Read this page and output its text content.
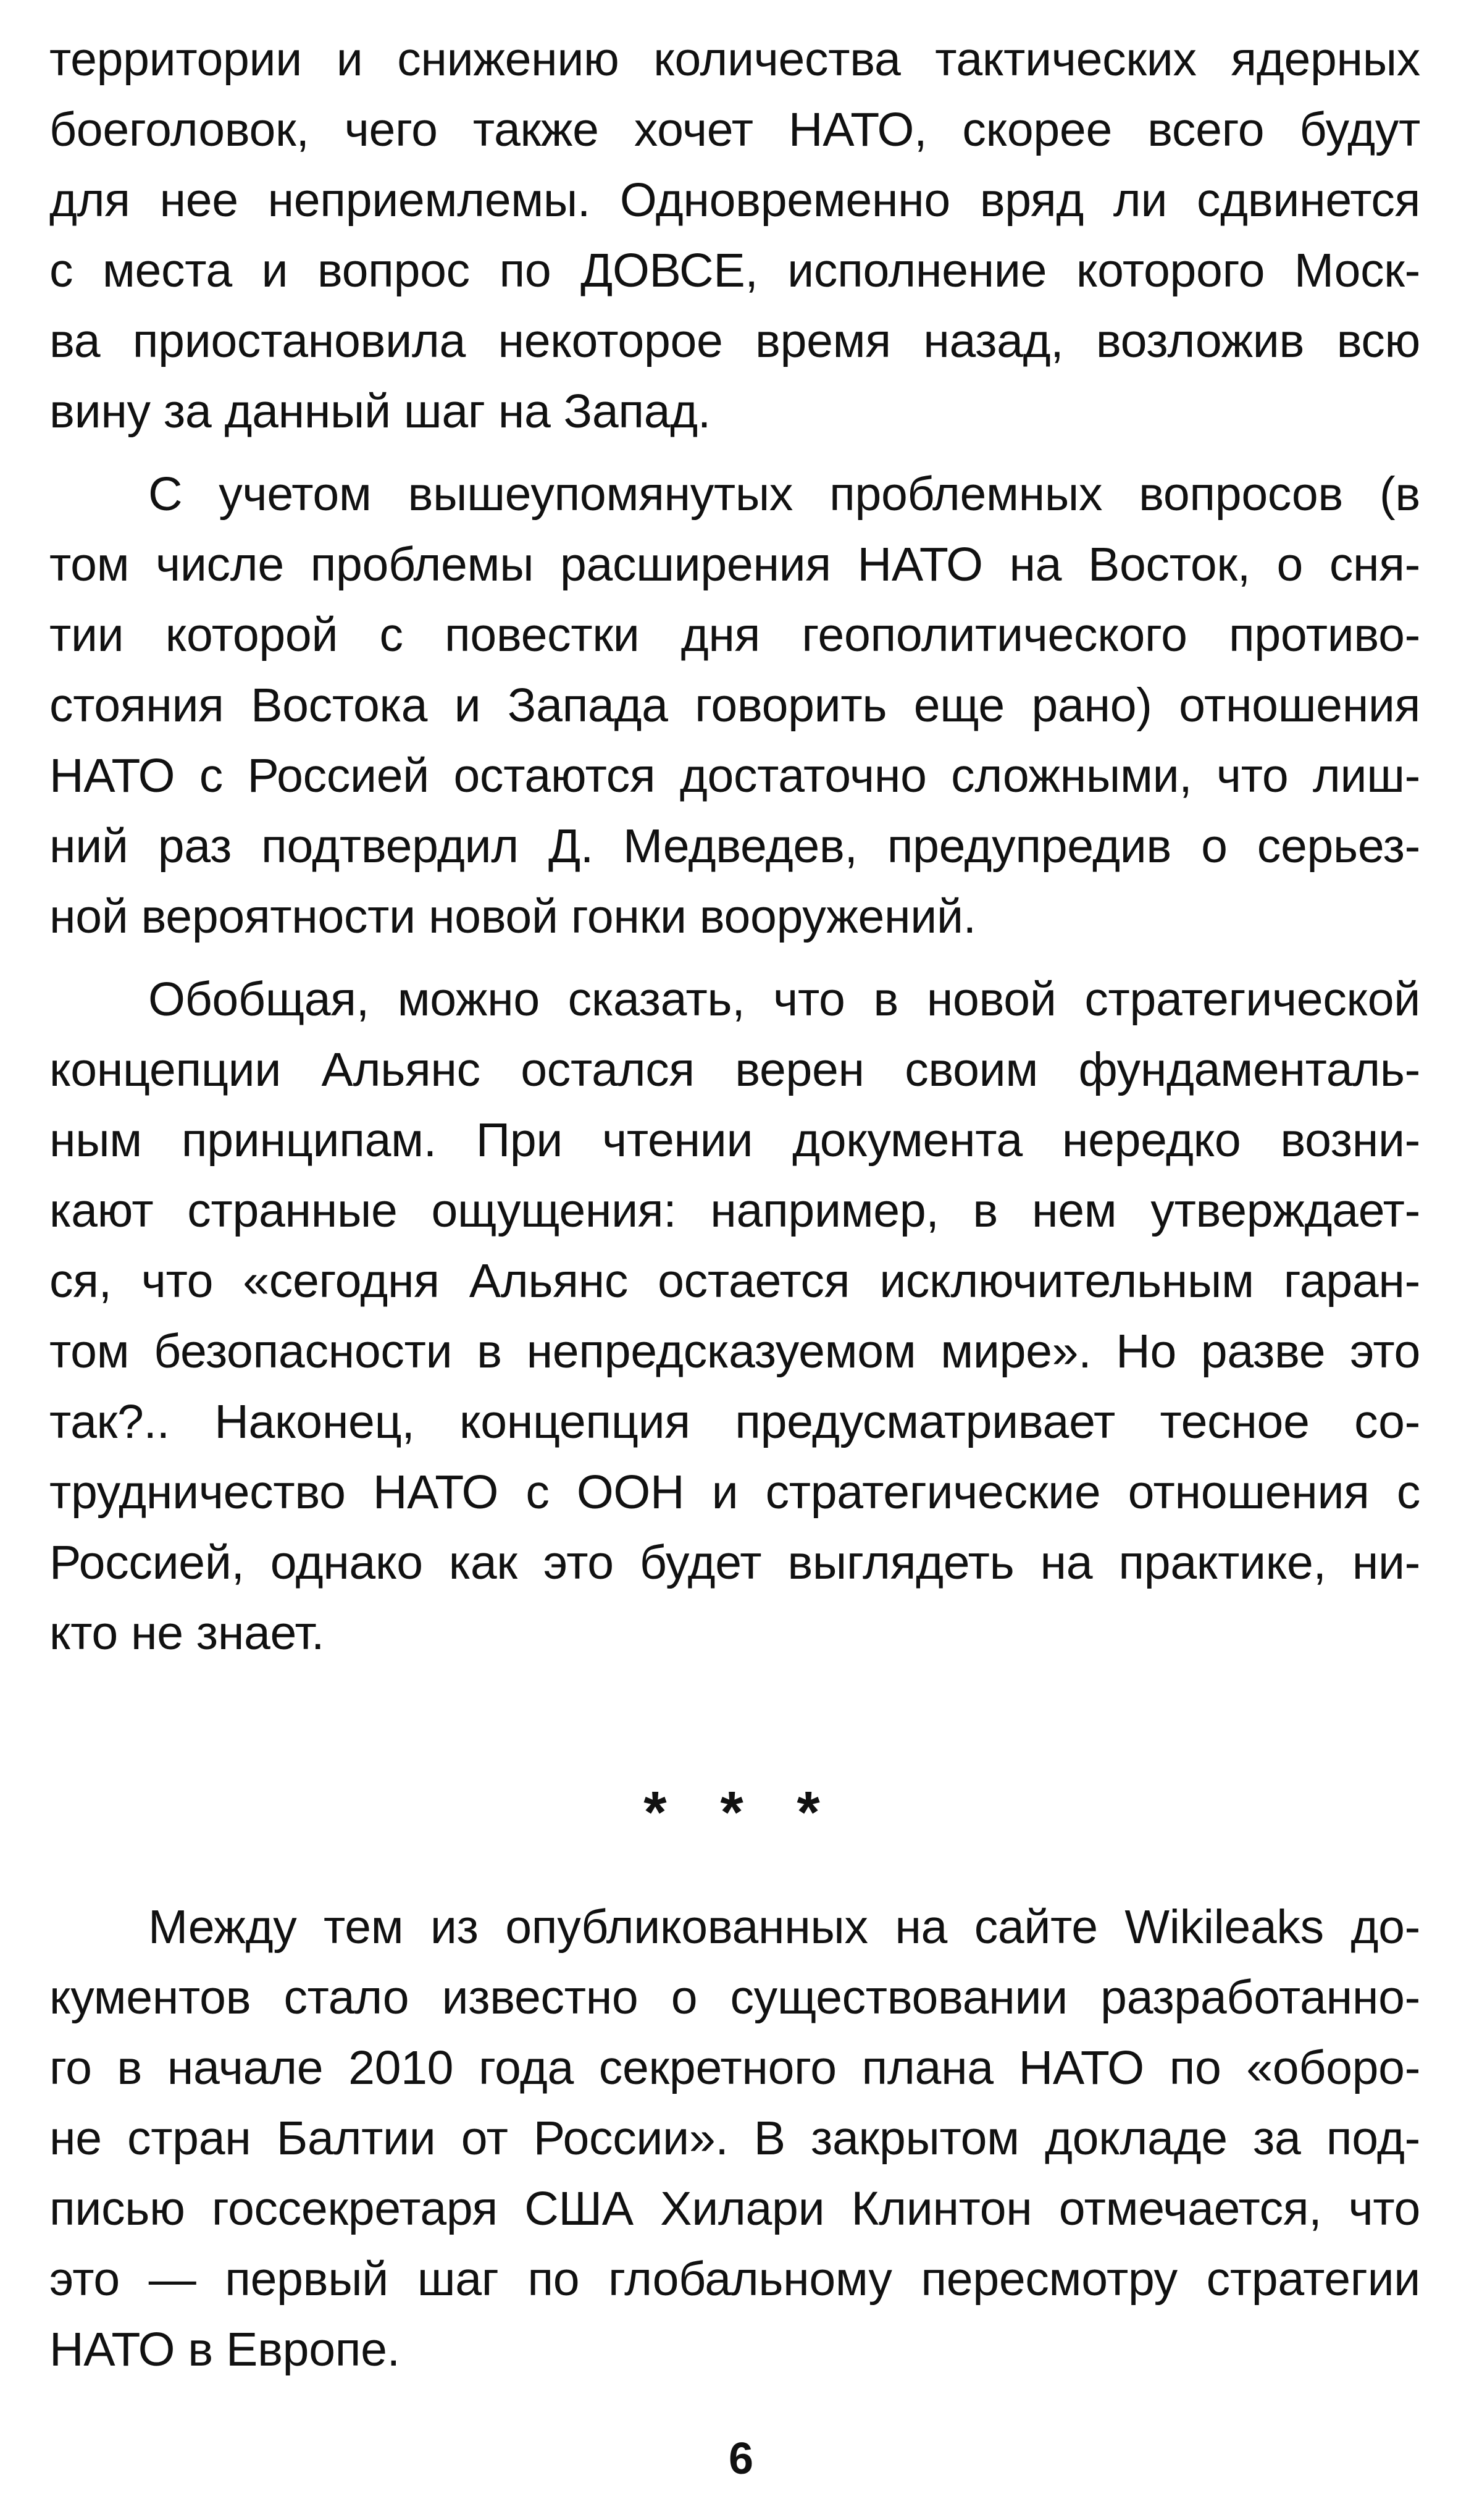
территории и снижению количества тактических ядерных
боеголовок, чего также хочет НАТО, скорее всего будут
для нее неприемлемы. Одновременно вряд ли сдвинется
с места и вопрос по ДОВСЕ, исполнение которого Моск-
ва приостановила некоторое время назад, возложив всю
вину за данный шаг на Запад.
С учетом вышеупомянутых проблемных вопросов (в
том числе проблемы расширения НАТО на Восток, о сня-
тии которой с повестки дня геополитического противо-
стояния Востока и Запада говорить еще рано) отношения
НАТО с Россией остаются достаточно сложными, что лиш-
ний раз подтвердил Д. Медведев, предупредив о серьез-
ной вероятности новой гонки вооружений.
Обобщая, можно сказать, что в новой стратегической
концепции Альянс остался верен своим фундаменталь-
ным принципам. При чтении документа нередко возни-
кают странные ощущения: например, в нем утверждает-
ся, что «сегодня Альянс остается исключительным гаран-
том безопасности в непредсказуемом мире». Но разве это
так?.. Наконец, концепция предусматривает тесное со-
трудничество НАТО с ООН и стратегические отношения с
Россией, однако как это будет выглядеть на практике, ни-
кто не знает.
* * *
Между тем из опубликованных на сайте Wikileaks до-
кументов стало известно о существовании разработанно-
го в начале 2010 года секретного плана НАТО по «оборо-
не стран Балтии от России». В закрытом докладе за под-
писью госсекретаря США Хилари Клинтон отмечается, что
это — первый шаг по глобальному пересмотру стратегии
НАТО в Европе.
6
